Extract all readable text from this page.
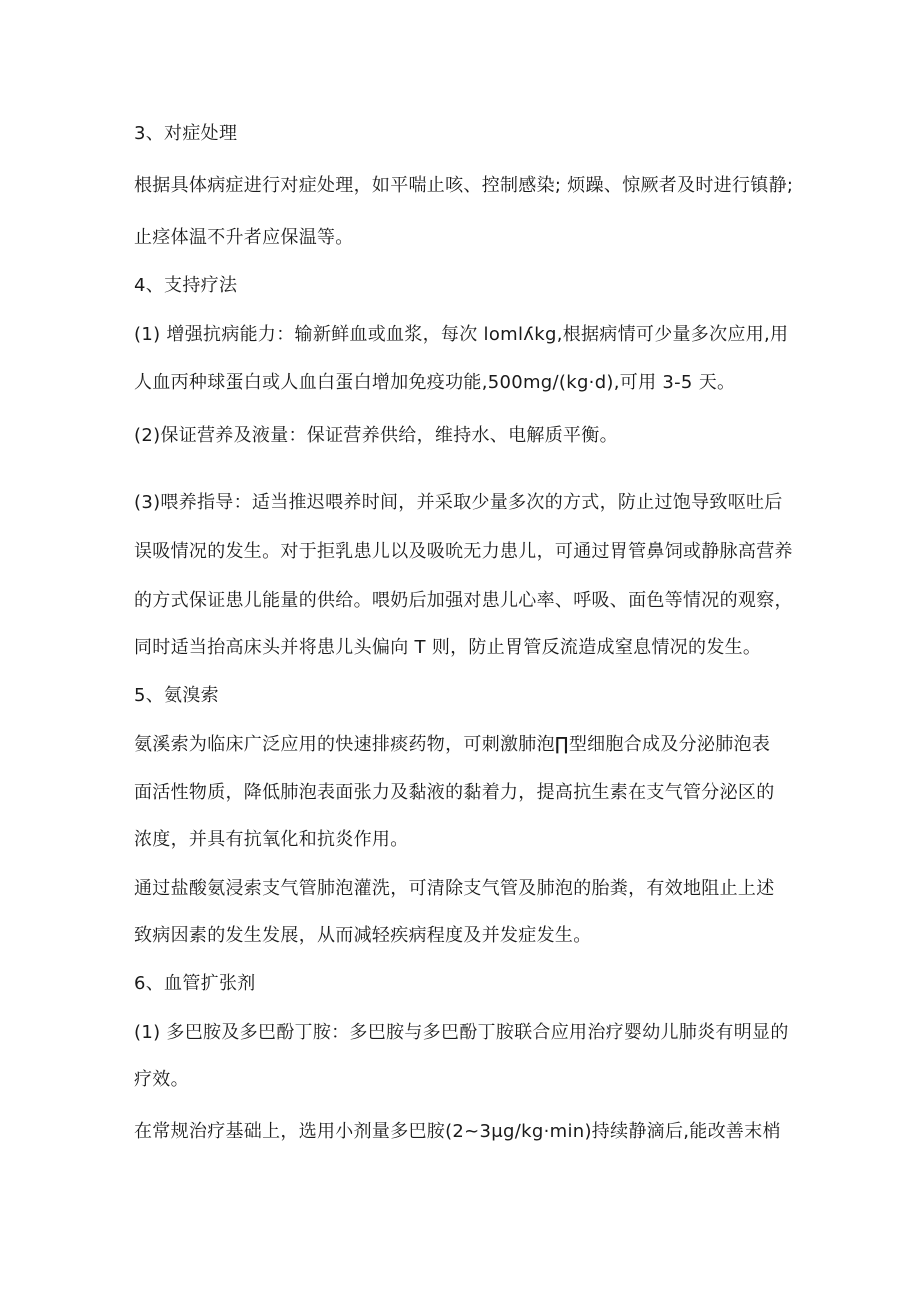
3、对症处理
根据具体病症进行对症处理，如平喘止咳、控制感染; 烦躁、惊厥者及时进行镇静;
止痉体温不升者应保温等。
4、支持疗法
(1) 增强抗病能力：输新鲜血或血浆，每次 lomlʎkg,根据病情可少量多次应用,用
人血丙种球蛋白或人血白蛋白增加免疫功能,500mg∕(kg·d),可用 3-5 天。
(2)保证营养及液量：保证营养供给，维持水、电解质平衡。
(3)喂养指导：适当推迟喂养时间，并采取少量多次的方式，防止过饱导致呕吐后
误吸情况的发生。对于拒乳患儿以及吸吮无力患儿，可通过胃管鼻饲或静脉高营养
的方式保证患儿能量的供给。喂奶后加强对患儿心率、呼吸、面色等情况的观察，
同时适当抬高床头并将患儿头偏向 T 则，防止胃管反流造成窒息情况的发生。
5、氨溴索
氨溪索为临床广泛应用的快速排痰药物，可刺激肺泡∏型细胞合成及分泌肺泡表
面活性物质，降低肺泡表面张力及黏液的黏着力，提高抗生素在支气管分泌区的
浓度，并具有抗氧化和抗炎作用。
通过盐酸氨浸索支气管肺泡灌洗，可清除支气管及肺泡的胎粪，有效地阻止上述
致病因素的发生发展，从而减轻疾病程度及并发症发生。
6、血管扩张剂
(1) 多巴胺及多巴酚丁胺：多巴胺与多巴酚丁胺联合应用治疗婴幼儿肺炎有明显的
疗效。
在常规治疗基础上，选用小剂量多巴胺(2~3μg∕kg·min)持续静滴后,能改善末梢
